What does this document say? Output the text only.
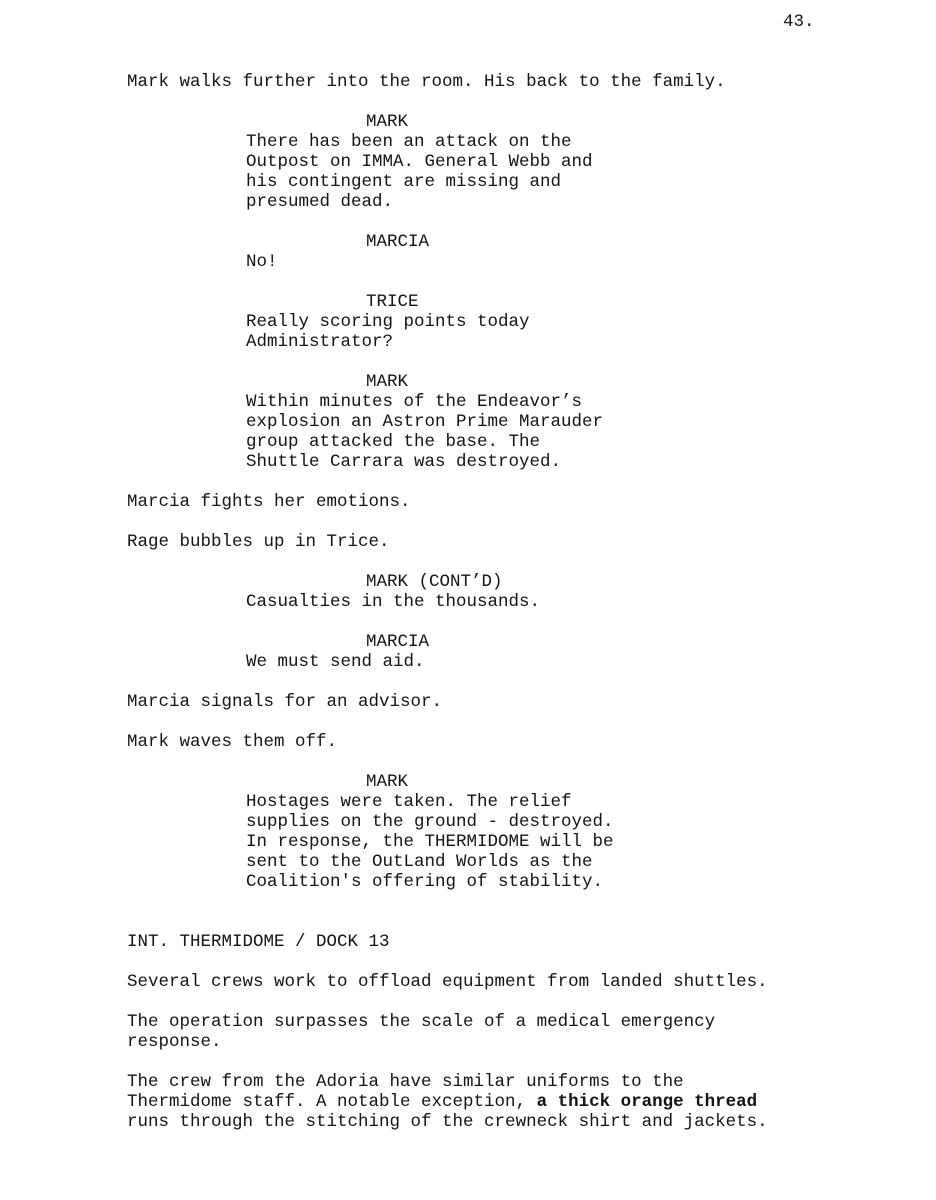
43.
Mark walks further into the room. His back to the family.
MARK
There has been an attack on the
Outpost on IMMA. General Webb and
his contingent are missing and
presumed dead.
MARCIA
No!
TRICE
Really scoring points today
Administrator?
MARK
Within minutes of the Endeavor’s
explosion an Astron Prime Marauder
group attacked the base. The
Shuttle Carrara was destroyed.
Marcia fights her emotions.
Rage bubbles up in Trice.
MARK (CONT’D)
Casualties in the thousands.
MARCIA
We must send aid.
Marcia signals for an advisor.
Mark waves them off.
MARK
Hostages were taken. The relief
supplies on the ground - destroyed.
In response, the THERMIDOME will be
sent to the OutLand Worlds as the
Coalition's offering of stability.
INT. THERMIDOME / DOCK 13
Several crews work to offload equipment from landed shuttles.
The operation surpasses the scale of a medical emergency
response.
The crew from the Adoria have similar uniforms to the
Thermidome staff. A notable exception, a thick orange thread
runs through the stitching of the crewneck shirt and jackets.
